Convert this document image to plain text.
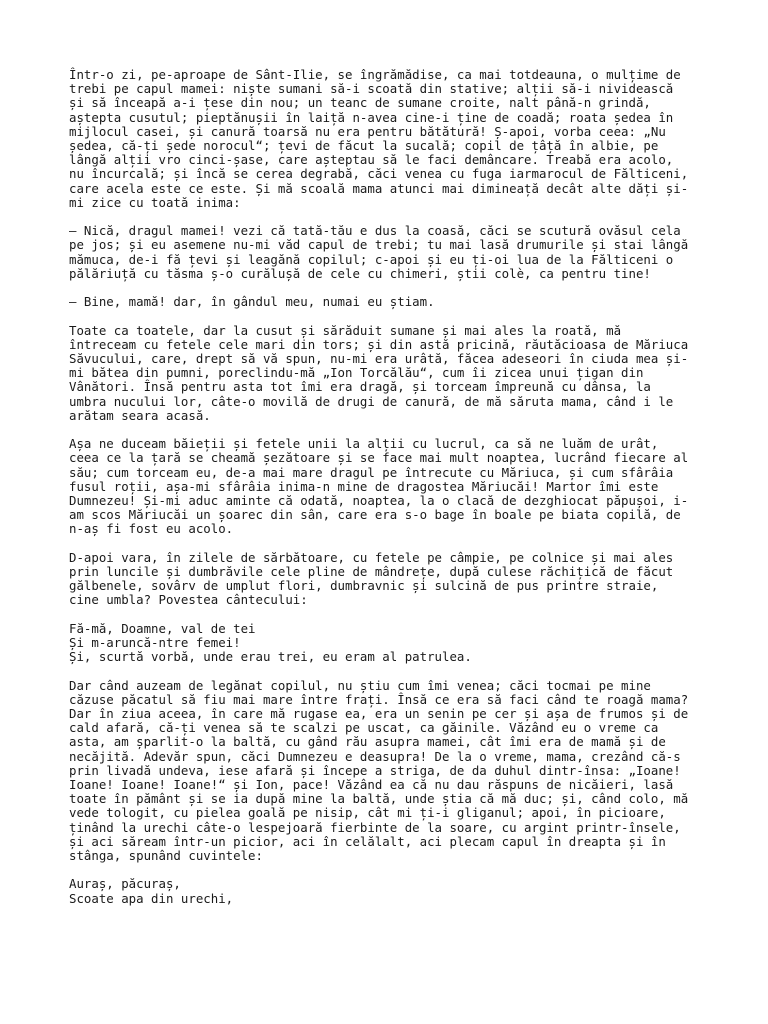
Într-o zi, pe-aproape de Sânt-Ilie, se îngrămădise, ca mai totdeauna, o mulțime de
trebi pe capul mamei: niște sumani să-i scoată din stative; alții să-i nividească
și să înceapă a-i țese din nou; un teanc de sumane croite, nalt până-n grindă,
aștepta cusutul; pieptănușii în laiță n-avea cine-i ține de coadă; roata ședea în
mijlocul casei, și canură toarsă nu era pentru bătătură! Ș-apoi, vorba ceea: „Nu
ședea, că-ți șede norocul“; țevi de făcut la sucală; copil de țâță în albie, pe
lângă alții vro cinci-șase, care așteptau să le faci demâncare. Treabă era acolo,
nu încurcală; și încă se cerea degrabă, căci venea cu fuga iarmarocul de Fălticeni,
care acela este ce este. Și mă scoală mama atunci mai dimineață decât alte dăți și-
mi zice cu toată inima:

— Nică, dragul mamei! vezi că tată-tău e dus la coasă, căci se scutură ovăsul cela
pe jos; și eu asemene nu-mi văd capul de trebi; tu mai lasă drumurile și stai lângă
mămuca, de-i fă țevi și leagănă copilul; c-apoi și eu ți-oi lua de la Fălticeni o
pălăriuță cu tăsma ș-o curălușă de cele cu chimeri, știi colè, ca pentru tine!

— Bine, mamă! dar, în gândul meu, numai eu știam.

Toate ca toatele, dar la cusut și sărăduit sumane și mai ales la roată, mă
întreceam cu fetele cele mari din tors; și din astă pricină, răutăcioasa de Măriuca
Săvucului, care, drept să vă spun, nu-mi era urâtă, făcea adeseori în ciuda mea și-
mi bătea din pumni, poreclindu-mă „Ion Torcălău“, cum îi zicea unui țigan din
Vânători. Însă pentru asta tot îmi era dragă, și torceam împreună cu dânsa, la
umbra nucului lor, câte-o movilă de drugi de canură, de mă săruta mama, când i le
arătam seara acasă.

Așa ne duceam băieții și fetele unii la alții cu lucrul, ca să ne luăm de urât,
ceea ce la țară se cheamă șezătoare și se face mai mult noaptea, lucrând fiecare al
său; cum torceam eu, de-a mai mare dragul pe întrecute cu Măriuca, și cum sfârâia
fusul roții, așa-mi sfârâia inima-n mine de dragostea Măriucăi! Martor îmi este
Dumnezeu! Și-mi aduc aminte că odată, noaptea, la o clacă de dezghiocat păpușoi, i-
am scos Măriucăi un șoarec din sân, care era s-o bage în boale pe biata copilă, de
n-aș fi fost eu acolo.

D-apoi vara, în zilele de sărbătoare, cu fetele pe câmpie, pe colnice și mai ales
prin luncile și dumbrăvile cele pline de mândrețe, după culese răchițică de făcut
gălbenele, sovârv de umplut flori, dumbravnic și sulcină de pus printre straie,
cine umbla? Povestea cântecului:

Fă-mă, Doamne, val de tei
Și m-aruncă-ntre femei!
Și, scurtă vorbă, unde erau trei, eu eram al patrulea.

Dar când auzeam de legănat copilul, nu știu cum îmi venea; căci tocmai pe mine
căzuse păcatul să fiu mai mare între frați. Însă ce era să faci când te roagă mama?
Dar în ziua aceea, în care mă rugase ea, era un senin pe cer și așa de frumos și de
cald afară, că-ți venea să te scalzi pe uscat, ca găinile. Văzând eu o vreme ca
asta, am șparlit-o la baltă, cu gând rău asupra mamei, cât îmi era de mamă și de
necăjită. Adevăr spun, căci Dumnezeu e deasupra! De la o vreme, mama, crezând că-s
prin livadă undeva, iese afară și începe a striga, de da duhul dintr-însa: „Ioane!
Ioane! Ioane! Ioane!“ și Ion, pace! Văzând ea că nu dau răspuns de nicăieri, lasă
toate în pământ și se ia după mine la baltă, unde știa că mă duc; și, când colo, mă
vede tologit, cu pielea goală pe nisip, cât mi ți-i gliganul; apoi, în picioare,
ținând la urechi câte-o lespejoară fierbinte de la soare, cu argint printr-însele,
și aci săream într-un picior, aci în celălalt, aci plecam capul în dreapta și în
stânga, spunând cuvintele:

Auraș, păcuraș,
Scoate apa din urechi,
